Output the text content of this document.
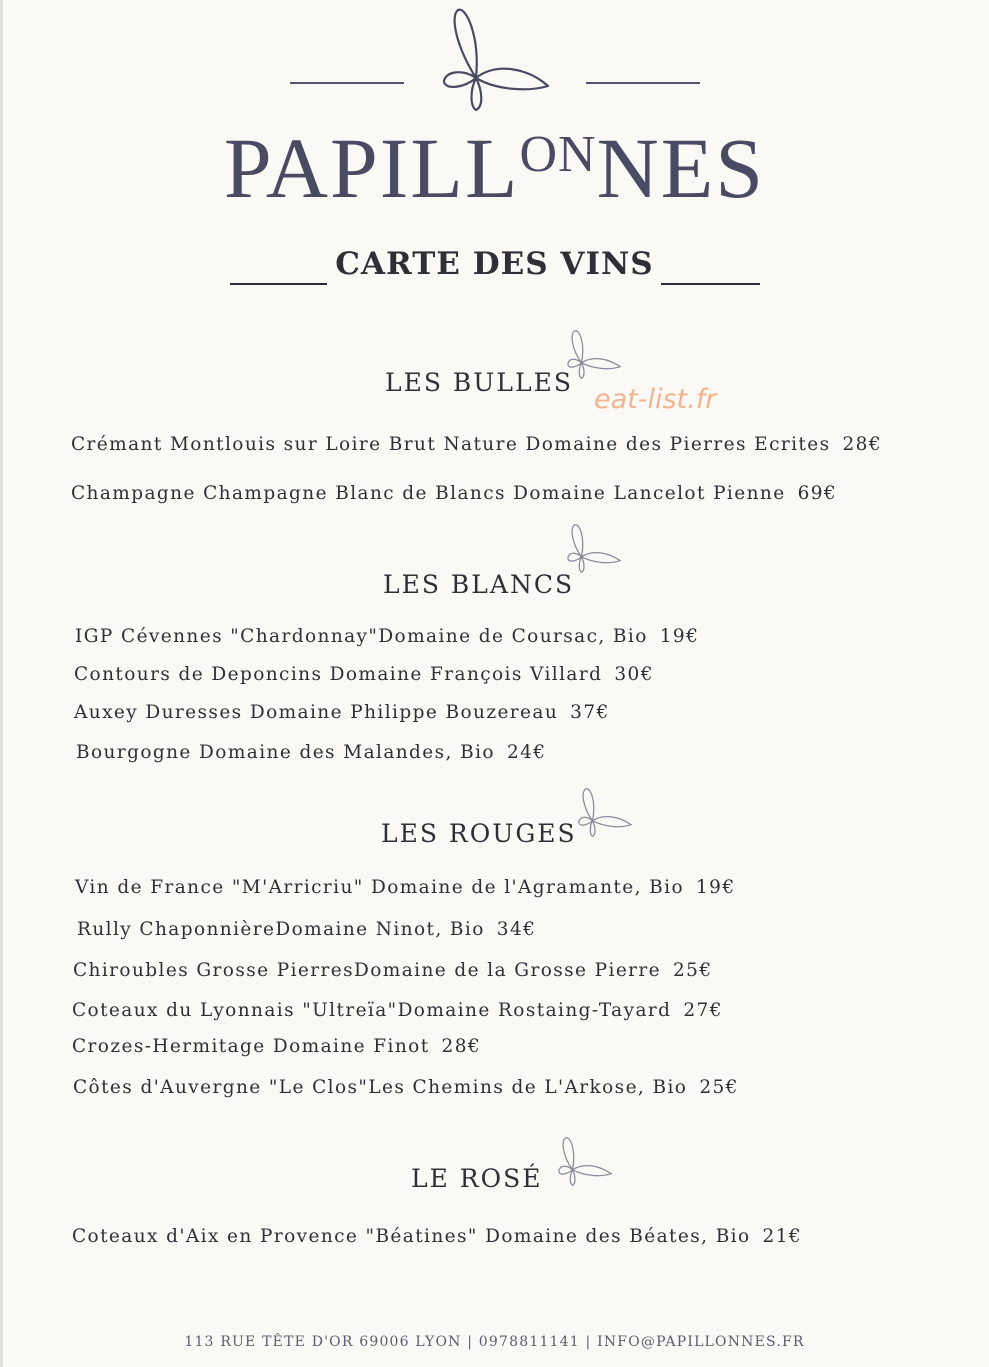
$PAPILL^{ON}NES$
CARTE DES VINS
LES BULLES
eat-list.fr
Crémant Montlouis sur Loire Brut Nature Domaine des Pierres Ecrites 28€
Champagne Champagne Blanc de Blancs Domaine Lancelot Pienne 69€
LES BLANCS
IGP Cévennes "Chardonnay"Domaine de Coursac, Bio 19€
Contours de Deponcins Domaine François Villard 30€
Auxey Duresses Domaine Philippe Bouzereau 37€
Bourgogne Domaine des Malandes, Bio 24€
LES ROUGES
Vin de France "M'Arricriu" Domaine de l'Agramante, Bio 19€
Rully ChaponnièreDomaine Ninot, Bio 34€
Chiroubles Grosse PierresDomaine de la Grosse Pierre 25€
Coteaux du Lyonnais "Ultreïa"Domaine Rostaing-Tayard 27€
Crozes-Hermitage Domaine Finot 28€
Côtes d'Auvergne "Le Clos"Les Chemins de L'Arkose, Bio 25€
LE ROSÉ
Coteaux d'Aix en Provence "Béatines" Domaine des Béates, Bio 21€
113 RUE TÊTE D'OR 69006 LYON | 0978811141 | INFO@PAPILLONNES.FR
